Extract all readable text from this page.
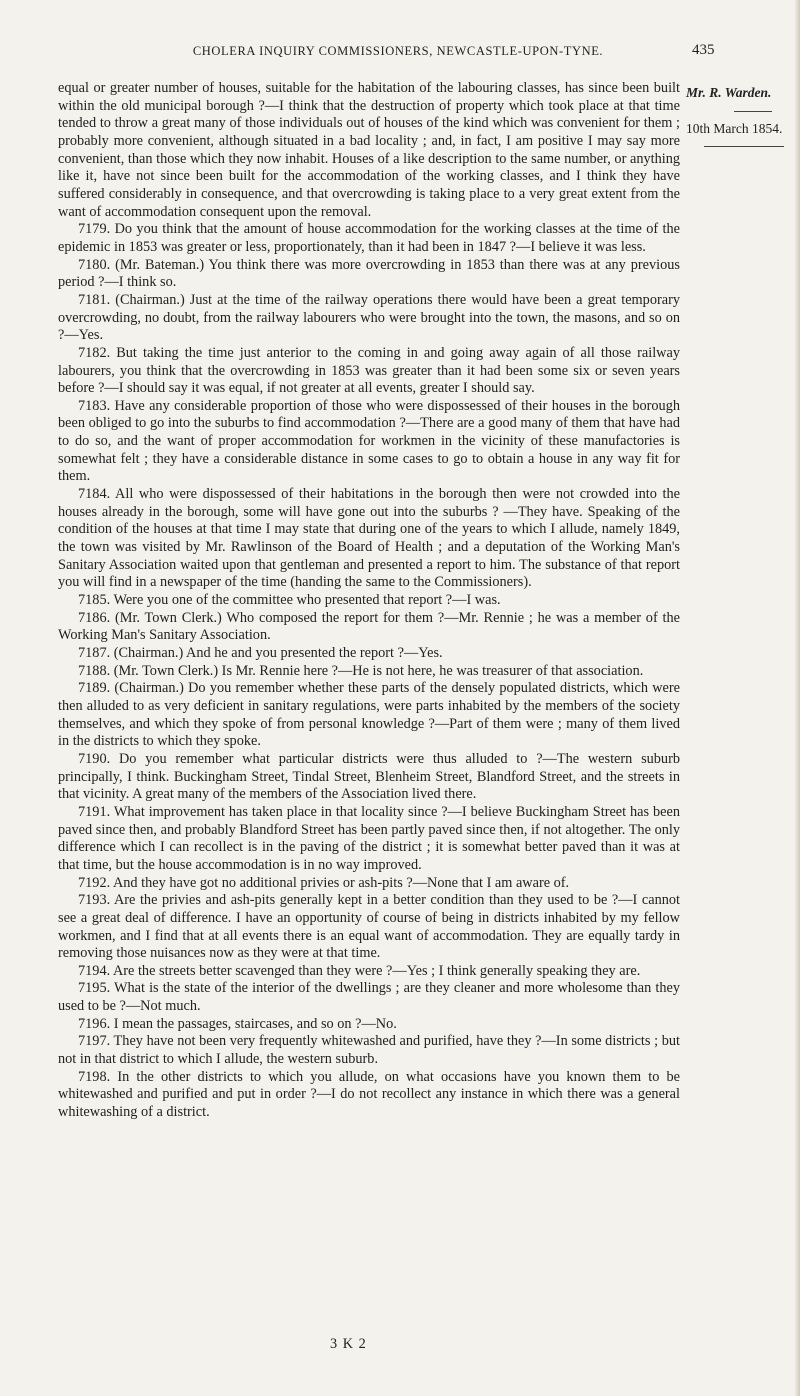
CHOLERA INQUIRY COMMISSIONERS, NEWCASTLE-UPON-TYNE.	435
Mr. R. Warden.
10th March 1854.

equal or greater number of houses, suitable for the habitation of the labouring classes, has since been built within the old municipal borough ?—I think that the destruction of property which took place at that time tended to throw a great many of those individuals out of houses of the kind which was convenient for them ; probably more convenient, although situated in a bad locality ; and, in fact, I am positive I may say more convenient, than those which they now inhabit. Houses of a like description to the same number, or anything like it, have not since been built for the accommodation of the working classes, and I think they have suffered considerably in consequence, and that overcrowding is taking place to a very great extent from the want of accommodation consequent upon the removal.

7179. Do you think that the amount of house accommodation for the working classes at the time of the epidemic in 1853 was greater or less, proportionately, than it had been in 1847 ?—I believe it was less.

7180. (Mr. Bateman.) You think there was more overcrowding in 1853 than there was at any previous period ?—I think so.

7181. (Chairman.) Just at the time of the railway operations there would have been a great temporary overcrowding, no doubt, from the railway labourers who were brought into the town, the masons, and so on ?—Yes.

7182. But taking the time just anterior to the coming in and going away again of all those railway labourers, you think that the overcrowding in 1853 was greater than it had been some six or seven years before ?—I should say it was equal, if not greater at all events, greater I should say.

7183. Have any considerable proportion of those who were dispossessed of their houses in the borough been obliged to go into the suburbs to find accommodation ?—There are a good many of them that have had to do so, and the want of proper accommodation for workmen in the vicinity of these manufactories is somewhat felt ; they have a considerable distance in some cases to go to obtain a house in any way fit for them.

7184. All who were dispossessed of their habitations in the borough then were not crowded into the houses already in the borough, some will have gone out into the suburbs ? —They have. Speaking of the condition of the houses at that time I may state that during one of the years to which I allude, namely 1849, the town was visited by Mr. Rawlinson of the Board of Health ; and a deputation of the Working Man's Sanitary Association waited upon that gentleman and presented a report to him. The substance of that report you will find in a newspaper of the time (handing the same to the Commissioners).

7185. Were you one of the committee who presented that report ?—I was.

7186. (Mr. Town Clerk.) Who composed the report for them ?—Mr. Rennie ; he was a member of the Working Man's Sanitary Association.

7187. (Chairman.) And he and you presented the report ?—Yes.

7188. (Mr. Town Clerk.) Is Mr. Rennie here ?—He is not here, he was treasurer of that association.

7189. (Chairman.) Do you remember whether these parts of the densely populated districts, which were then alluded to as very deficient in sanitary regulations, were parts inhabited by the members of the society themselves, and which they spoke of from personal knowledge ?—Part of them were ; many of them lived in the districts to which they spoke.

7190. Do you remember what particular districts were thus alluded to ?—The western suburb principally, I think. Buckingham Street, Tindal Street, Blenheim Street, Blandford Street, and the streets in that vicinity. A great many of the members of the Association lived there.

7191. What improvement has taken place in that locality since ?—I believe Buckingham Street has been paved since then, and probably Blandford Street has been partly paved since then, if not altogether. The only difference which I can recollect is in the paving of the district ; it is somewhat better paved than it was at that time, but the house accommodation is in no way improved.

7192. And they have got no additional privies or ash-pits ?—None that I am aware of.

7193. Are the privies and ash-pits generally kept in a better condition than they used to be ?—I cannot see a great deal of difference. I have an opportunity of course of being in districts inhabited by my fellow workmen, and I find that at all events there is an equal want of accommodation. They are equally tardy in removing those nuisances now as they were at that time.

7194. Are the streets better scavenged than they were ?—Yes ; I think generally speaking they are.

7195. What is the state of the interior of the dwellings ; are they cleaner and more wholesome than they used to be ?—Not much.

7196. I mean the passages, staircases, and so on ?—No.

7197. They have not been very frequently whitewashed and purified, have they ?—In some districts ; but not in that district to which I allude, the western suburb.

7198. In the other districts to which you allude, on what occasions have you known them to be whitewashed and purified and put in order ?—I do not recollect any instance in which there was a general whitewashing of a district.

3 K 2
